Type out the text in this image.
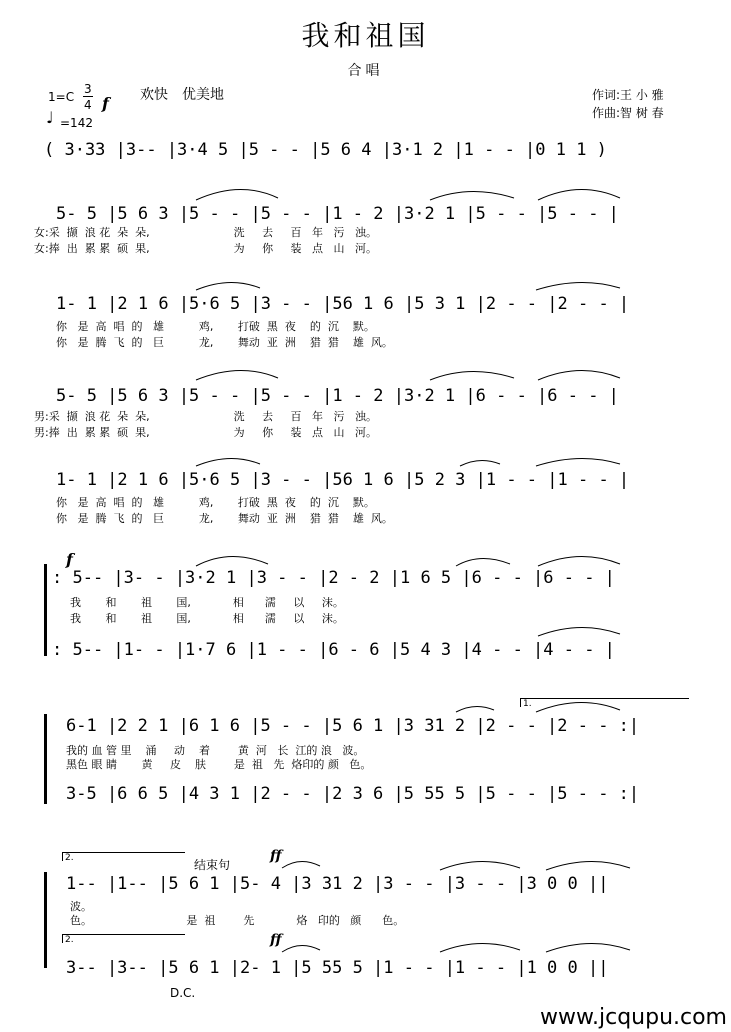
我和祖国
合唱
1=C
3
4 f 欢快　优美地
♩ =142
作词:王 小 雅
作曲:智 树 春
( 3·33 |3-- |3·4 5 |5 - - |5 6 4 |3·1 2 |1 - - |0 1 1 )
5- 5 |5 6 3 |5 - - |5 - - |1 - 2 |3·2 1 |5 - - |5 - - |
女:采  撷  浪 花  朵  朵,                        洗     去     百   年   污   浊。
女:捧  出  累 累  硕  果,                        为     你     装   点   山   河。
1- 1 |2 1 6 |5·6 5 |3 - - |56 1 6 |5 3 1 |2 - - |2 - - |
你   是  高  唱  的   雄          鸡,       打破  黑  夜    的  沉    默。
你   是  腾  飞  的   巨          龙,       舞动  亚  洲    猎  猎    雄  风。
5- 5 |5 6 3 |5 - - |5 - - |1 - 2 |3·2 1 |6 - - |6 - - |
男:采  撷  浪 花  朵  朵,                        洗     去     百   年   污   浊。
男:捧  出  累 累  硕  果,                        为     你     装   点   山   河。
1- 1 |2 1 6 |5·6 5 |3 - - |56 1 6 |5 2 3 |1 - - |1 - - |
你   是  高  唱  的   雄          鸡,       打破  黑  夜    的  沉    默。
你   是  腾  飞  的   巨          龙,       舞动  亚  洲    猎  猎    雄  风。
f
: 5-- |3- - |3·2 1 |3 - - |2 - 2 |1 6 5 |6 - - |6 - - |
我       和       祖       国,            相      濡     以     沫。
我       和       祖       国,            相      濡     以     沫。
: 5-- |1- - |1·7 6 |1 - - |6 - 6 |5 4 3 |4 - - |4 - - |
1.
6-1 |2 2 1 |6 1 6 |5 - - |5 6 1 |3 31 2 |2 - - |2 - - :|
我的 血 管 里    涌     动    着        黄  河   长  江的 浪   波。
黑色 眼 睛       黄     皮    肤        是  祖   先  烙印的 颜   色。
3-5 |6 6 5 |4 3 1 |2 - - |2 3 6 |5 55 5 |5 - - |5 - - :|
2.	结束句
ff
1-- |1-- |5 6 1 |5- 4 |3 31 2 |3 - - |3 - - |3 0 0 ||
波。
色。                           是  祖        先            烙   印的   颜      色。
2.	ff
3-- |3-- |5 6 1 |2- 1 |5 55 5 |1 - - |1 - - |1 0 0 ||
D.C.
www.jcqupu.com
